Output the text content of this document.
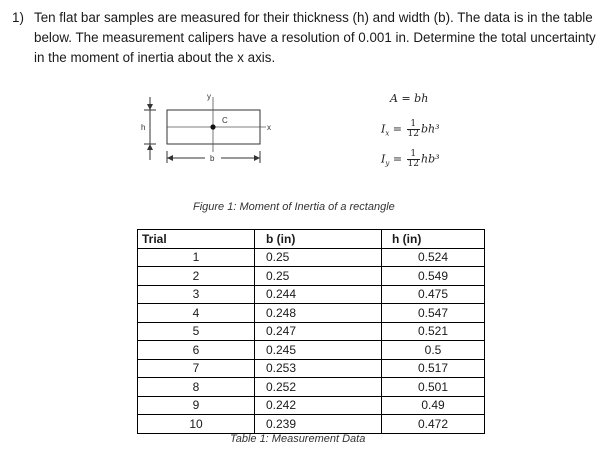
1) Ten flat bar samples are measured for their thickness (h) and width (b). The data is in the table below. The measurement calipers have a resolution of 0.001 in. Determine the total uncertainty in the moment of inertia about the x axis.
y
C
h	x
b
A = bh
$I_x = \frac{1}{12} bh^3$
$I_y = \frac{1}{12} hb^3$
Figure 1: Moment of Inertia of a rectangle
Trial	b (in)	h (in)
1	0.25	0.524
2	0.25	0.549
3	0.244	0.475
4	0.248	0.547
5	0.247	0.521
6	0.245	0.5
7	0.253	0.517
8	0.252	0.501
9	0.242	0.49
10	0.239	0.472
Table 1: Measurement Data
